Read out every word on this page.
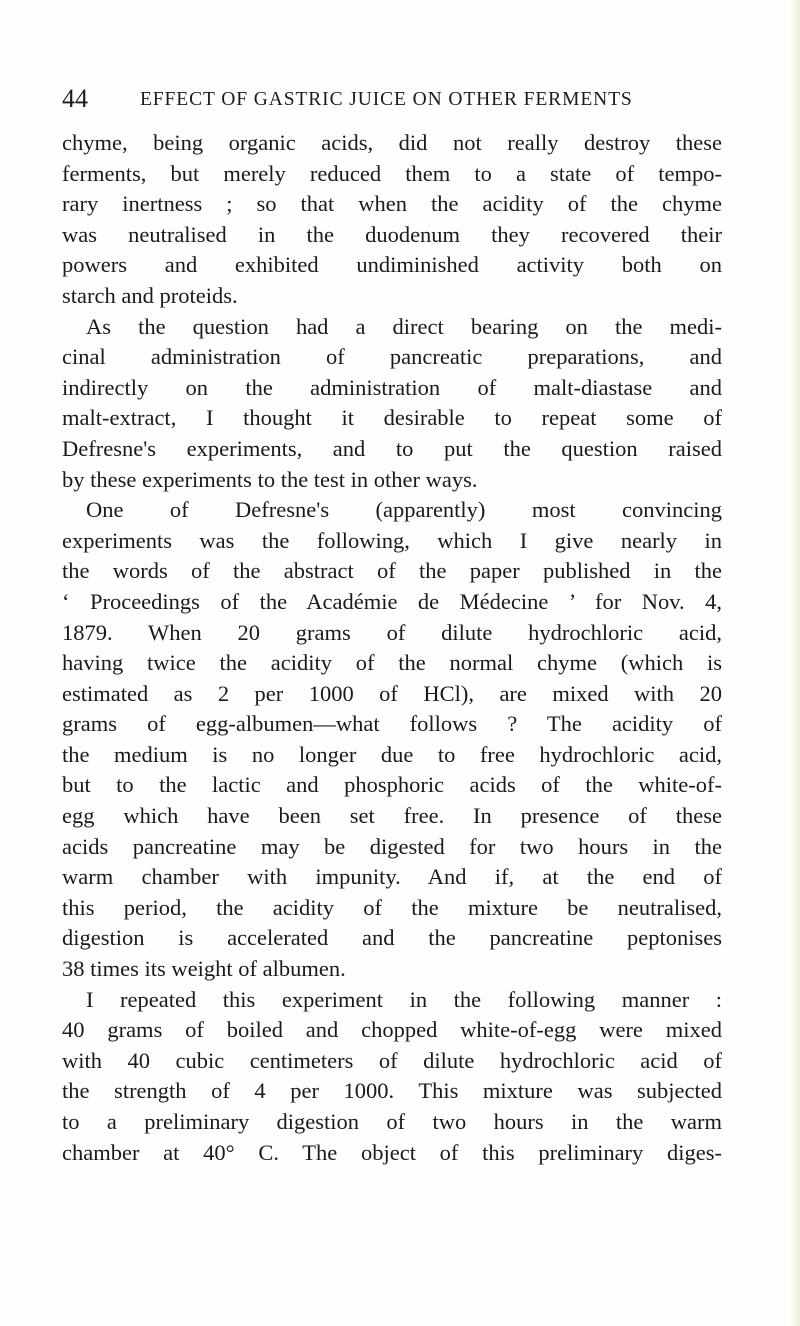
44	EFFECT OF GASTRIC JUICE ON OTHER FERMENTS

chyme, being organic acids, did not really destroy these
ferments, but merely reduced them to a state of tempo-
rary inertness ; so that when the acidity of the chyme
was neutralised in the duodenum they recovered their
powers and exhibited undiminished activity both on
starch and proteids.

As the question had a direct bearing on the medi-
cinal administration of pancreatic preparations, and
indirectly on the administration of malt-diastase and
malt-extract, I thought it desirable to repeat some of
Defresne's experiments, and to put the question raised
by these experiments to the test in other ways.

One of Defresne's (apparently) most convincing
experiments was the following, which I give nearly in
the words of the abstract of the paper published in the
‘ Proceedings of the Académie de Médecine ’ for Nov. 4,
1879. When 20 grams of dilute hydrochloric acid,
having twice the acidity of the normal chyme (which is
estimated as 2 per 1000 of HCl), are mixed with 20
grams of egg-albumen—what follows ? The acidity of
the medium is no longer due to free hydrochloric acid,
but to the lactic and phosphoric acids of the white-of-
egg which have been set free. In presence of these
acids pancreatine may be digested for two hours in the
warm chamber with impunity. And if, at the end of
this period, the acidity of the mixture be neutralised,
digestion is accelerated and the pancreatine peptonises
38 times its weight of albumen.

I repeated this experiment in the following manner :
40 grams of boiled and chopped white-of-egg were mixed
with 40 cubic centimeters of dilute hydrochloric acid of
the strength of 4 per 1000. This mixture was subjected
to a preliminary digestion of two hours in the warm
chamber at 40° C. The object of this preliminary diges-
